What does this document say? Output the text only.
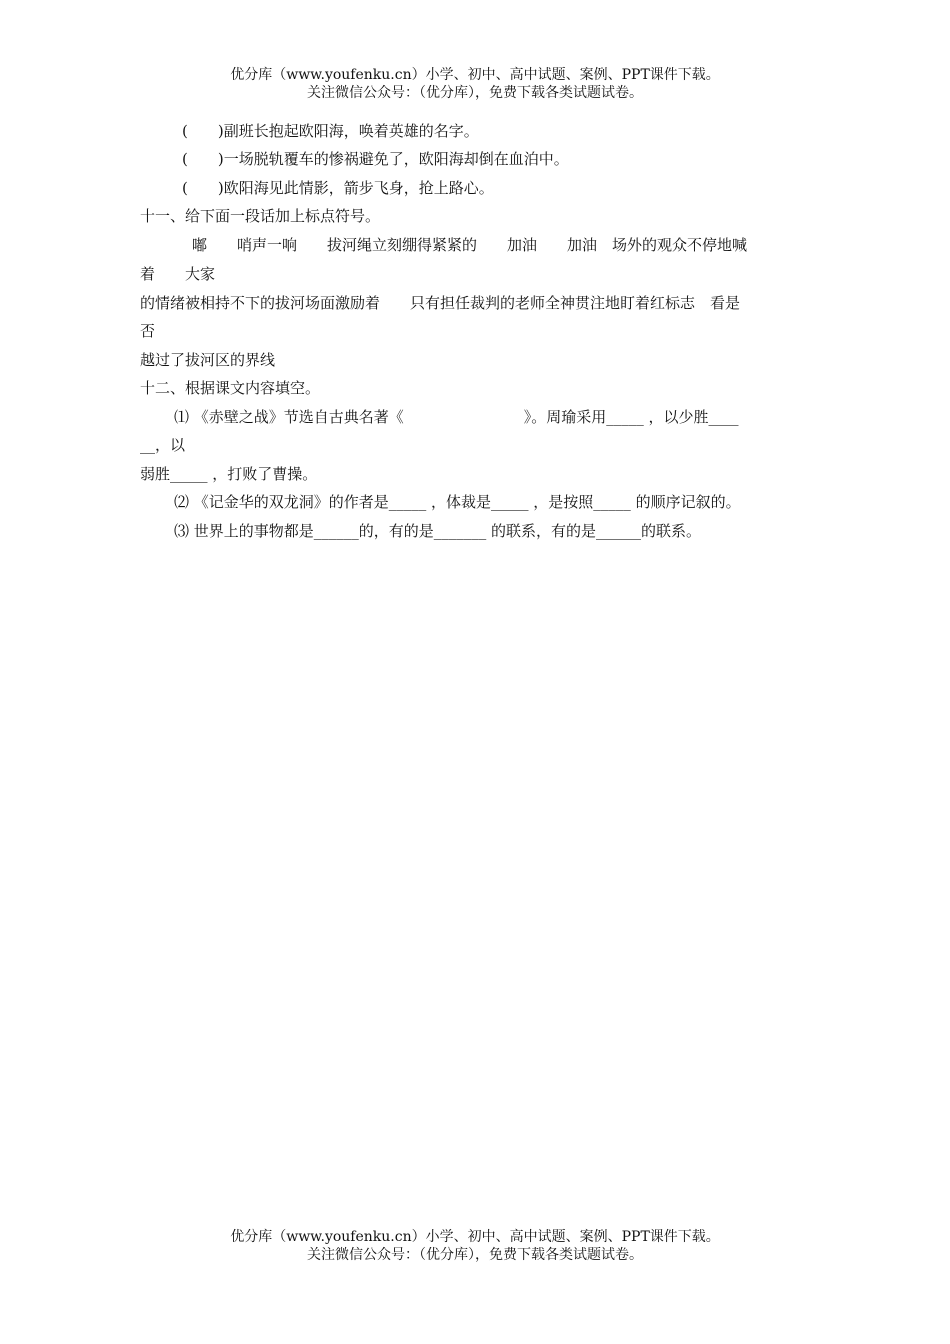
优分库（www.youfenku.cn）小学、初中、高中试题、案例、PPT课件下载。
关注微信公众号：（优分库），免费下载各类试题试卷。
(　　)副班长抱起欧阳海，唤着英雄的名字。
(　　)一场脱轨覆车的惨祸避免了，欧阳海却倒在血泊中。
(　　)欧阳海见此情影，箭步飞身，抢上路心。
十一、给下面一段话加上标点符号。
嘟　　哨声一响　　拔河绳立刻绷得紧紧的　　加油　　加油　场外的观众不停地喊
着　　大家
的情绪被相持不下的拔河场面激励着　　只有担任裁判的老师全神贯注地盯着红标志　看是
否
越过了拔河区的界线
十二、根据课文内容填空。
⑴ 《赤壁之战》节选自古典名著《　　　　　　　　》。周瑜采用_____ ，以少胜____
__，以
弱胜_____ ，打败了曹操。
⑵ 《记金华的双龙洞》的作者是_____ ，体裁是_____ ，是按照_____ 的顺序记叙的。
⑶ 世界上的事物都是______的，有的是_______ 的联系，有的是______的联系。
优分库（www.youfenku.cn）小学、初中、高中试题、案例、PPT课件下载。
关注微信公众号：（优分库），免费下载各类试题试卷。
